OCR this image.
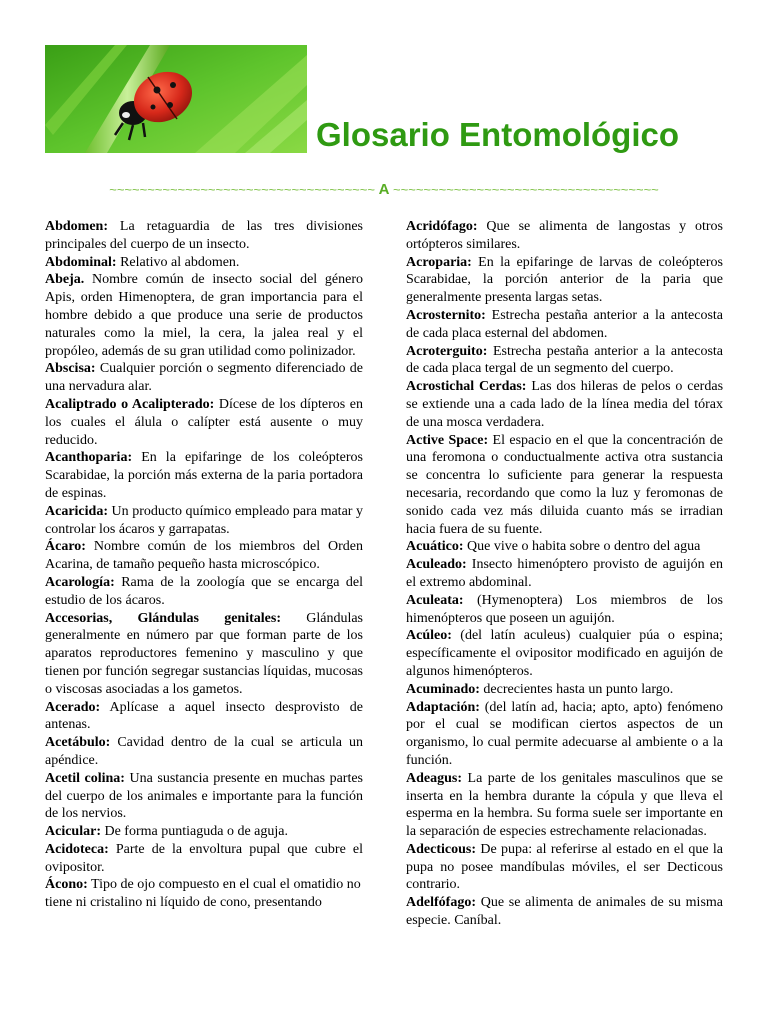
Glosario Entomológico
~~~~~~~~~~~~~~~~~~~~~~~~~~~~~~~~~~~ A ~~~~~~~~~~~~~~~~~~~~~~~~~~~~~~~~~~~

Abdomen: La retaguardia de las tres divisiones principales del cuerpo de un insecto.

Abdominal: Relativo al abdomen.

Abeja. Nombre común de insecto social del género Apis, orden Himenoptera, de gran importancia para el hombre debido a que produce una serie de productos naturales como la miel, la cera, la jalea real y el propóleo, además de su gran utilidad como polinizador.

Abscisa: Cualquier porción o segmento diferenciado de una nervadura alar.

Acaliptrado o Acalipterado: Dícese de los dípteros en los cuales el álula o calípter está ausente o muy reducido.

Acanthoparia: En la epifaringe de los coleópteros Scarabidae, la porción más externa de la paria portadora de espinas.

Acaricida: Un producto químico empleado para matar y controlar los ácaros y garrapatas.

Ácaro: Nombre común de los miembros del Orden Acarina, de tamaño pequeño hasta microscópico.

Acarología: Rama de la zoología que se encarga del estudio de los ácaros.

Accesorias, Glándulas genitales: Glándulas generalmente en número par que forman parte de los aparatos reproductores femenino y masculino y que tienen por función segregar sustancias líquidas, mucosas o viscosas asociadas a los gametos.

Acerado: Aplícase a aquel insecto desprovisto de antenas.

Acetábulo: Cavidad dentro de la cual se articula un apéndice.

Acetil colina: Una sustancia presente en muchas partes del cuerpo de los animales e importante para la función de los nervios.

Acicular: De forma puntiaguda o de aguja.

Acidoteca: Parte de la envoltura pupal que cubre el ovipositor.

Ácono: Tipo de ojo compuesto en el cual el omatidio no tiene ni cristalino ni líquido de cono, presentando

Acridófago: Que se alimenta de langostas y otros ortópteros similares.

Acroparia: En la epifaringe de larvas de coleópteros Scarabidae, la porción anterior de la paria que generalmente presenta largas setas.

Acrosternito: Estrecha pestaña anterior a la antecosta de cada placa esternal del abdomen.

Acroterguito: Estrecha pestaña anterior a la antecosta de cada placa tergal de un segmento del cuerpo.

Acrostichal Cerdas: Las dos hileras de pelos o cerdas se extiende una a cada lado de la línea media del tórax de una mosca verdadera.

Active Space: El espacio en el que la concentración de una feromona o conductualmente activa otra sustancia se concentra lo suficiente para generar la respuesta necesaria, recordando que como la luz y feromonas de sonido cada vez más diluida cuanto más se irradian hacia fuera de su fuente.

Acuático: Que vive o habita sobre o dentro del agua

Aculeado: Insecto himenóptero provisto de aguijón en el extremo abdominal.

Aculeata: (Hymenoptera) Los miembros de los himenópteros que poseen un aguijón.

Acúleo: (del latín aculeus) cualquier púa o espina; específicamente el ovipositor modificado en aguijón de algunos himenópteros.

Acuminado: decrecientes hasta un punto largo.

Adaptación: (del latín ad, hacia; apto, apto) fenómeno por el cual se modifican ciertos aspectos de un organismo, lo cual permite adecuarse al ambiente o a la función.

Adeagus: La parte de los genitales masculinos que se inserta en la hembra durante la cópula y que lleva el esperma en la hembra. Su forma suele ser importante en la separación de especies estrechamente relacionadas.

Adecticous: De pupa: al referirse al estado en el que la pupa no posee mandíbulas móviles, el ser Decticous contrario.

Adelfófago: Que se alimenta de animales de su misma especie. Caníbal.
